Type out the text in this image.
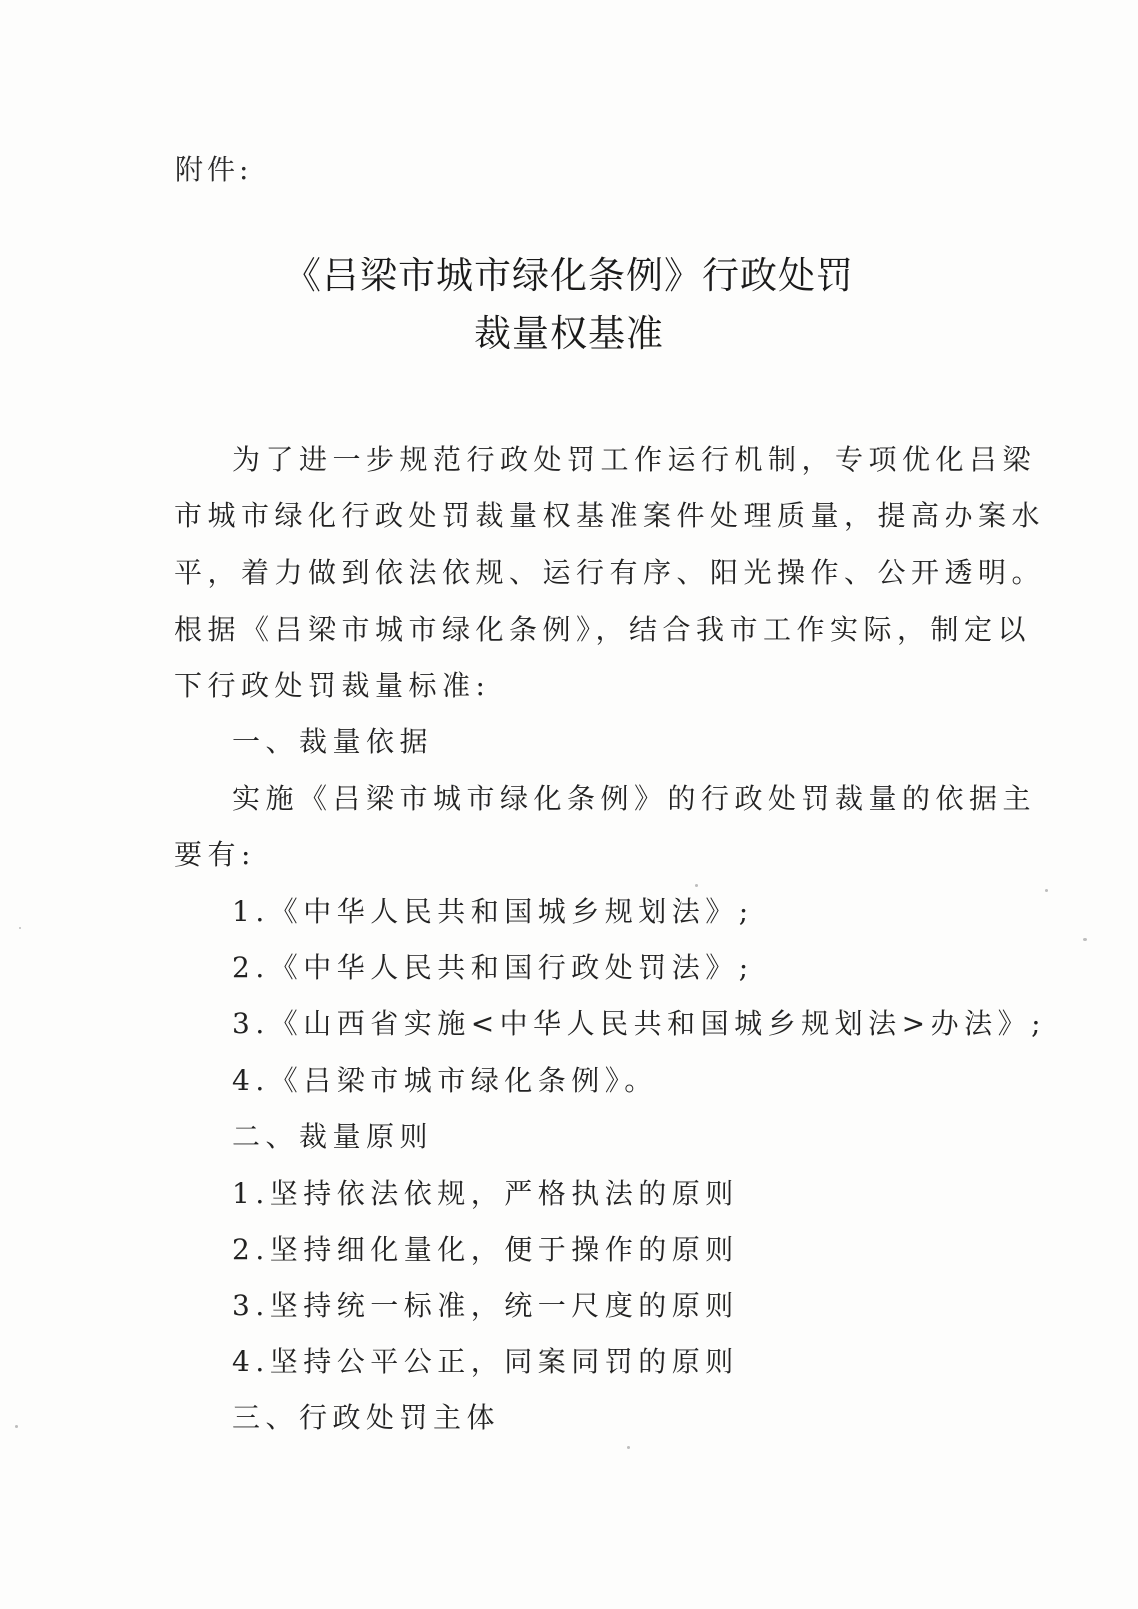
附件:
《吕梁市城市绿化条例》行政处罚
裁量权基准
为了进一步规范行政处罚工作运行机制，专项优化吕梁
市城市绿化行政处罚裁量权基准案件处理质量，提高办案水
平，着力做到依法依规、运行有序、阳光操作、公开透明。
根据《吕梁市城市绿化条例》，结合我市工作实际，制定以
下行政处罚裁量标准:
一、裁量依据
实施《吕梁市城市绿化条例》的行政处罚裁量的依据主
要有:
1.《中华人民共和国城乡规划法》;
2.《中华人民共和国行政处罚法》;
3.《山西省实施<中华人民共和国城乡规划法>办法》;
4.《吕梁市城市绿化条例》。
二、裁量原则
1.坚持依法依规，严格执法的原则
2.坚持细化量化，便于操作的原则
3.坚持统一标准，统一尺度的原则
4.坚持公平公正，同案同罚的原则
三、行政处罚主体
